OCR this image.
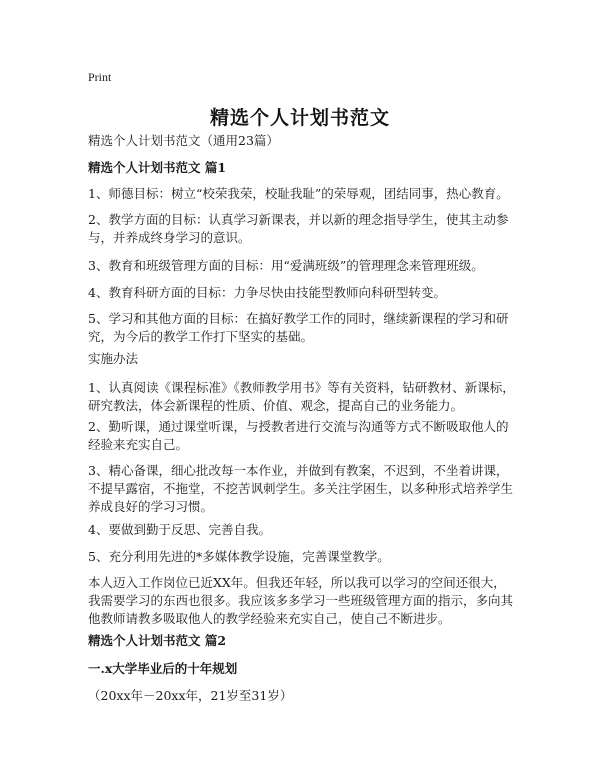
Print
精选个人计划书范文
精选个人计划书范文（通用23篇）
精选个人计划书范文 篇1
1、师德目标：树立“校荣我荣，校耻我耻”的荣辱观，团结同事，热心教育。
2、教学方面的目标：认真学习新课表，并以新的理念指导学生，使其主动参与，并养成终身学习的意识。
3、教育和班级管理方面的目标：用“爱满班级”的管理理念来管理班级。
4、教育科研方面的目标：力争尽快由技能型教师向科研型转变。
5、学习和其他方面的目标：在搞好教学工作的同时，继续新课程的学习和研究，为今后的教学工作打下坚实的基础。
实施办法
1、认真阅读《课程标准》《教师教学用书》等有关资料，钻研教材、新课标，研究教法，体会新课程的性质、价值、观念，提高自己的业务能力。
2、勤听课，通过课堂听课，与授教者进行交流与沟通等方式不断吸取他人的经验来充实自己。
3、精心备课，细心批改每一本作业，并做到有教案，不迟到，不坐着讲课，不提早露宿，不拖堂，不挖苦讽刺学生。多关注学困生，以多种形式培养学生养成良好的学习习惯。
4、要做到勤于反思、完善自我。
5、充分利用先进的*多媒体教学设施，完善课堂教学。
本人迈入工作岗位已近XX年。但我还年轻，所以我可以学习的空间还很大，我需要学习的东西也很多。我应该多多学习一些班级管理方面的指示，多向其他教师请教多吸取他人的教学经验来充实自己，使自己不断进步。
精选个人计划书范文 篇2
一.x大学毕业后的十年规划
（20xx年－20xx年，21岁至31岁）
